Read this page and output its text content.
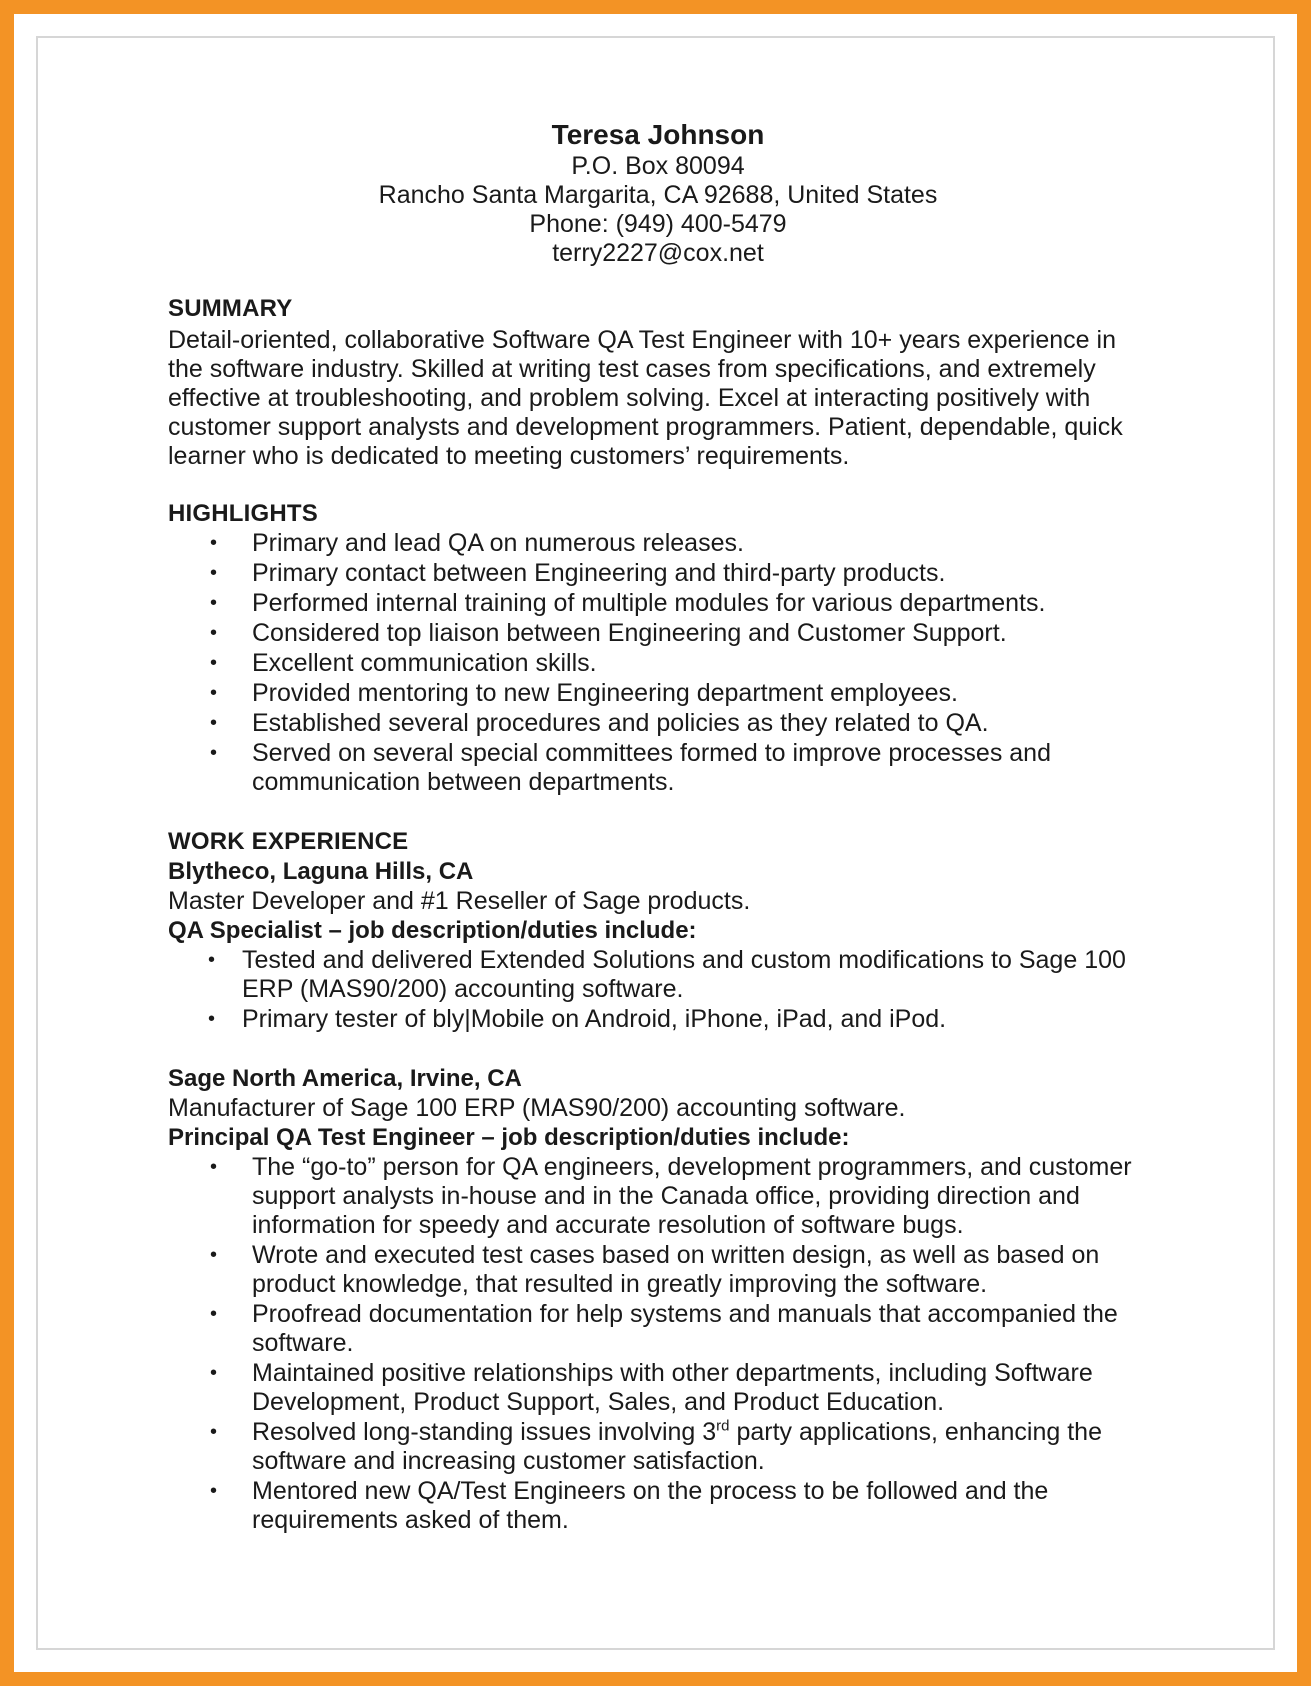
Teresa Johnson
P.O. Box 80094
Rancho Santa Margarita, CA 92688, United States
Phone: (949) 400-5479
terry2227@cox.net
SUMMARY
Detail-oriented, collaborative Software QA Test Engineer with 10+ years experience in
the software industry. Skilled at writing test cases from specifications, and extremely
effective at troubleshooting, and problem solving. Excel at interacting positively with
customer support analysts and development programmers. Patient, dependable, quick
learner who is dedicated to meeting customers’ requirements.
HIGHLIGHTS
• Primary and lead QA on numerous releases.
• Primary contact between Engineering and third-party products.
• Performed internal training of multiple modules for various departments.
• Considered top liaison between Engineering and Customer Support.
• Excellent communication skills.
• Provided mentoring to new Engineering department employees.
• Established several procedures and policies as they related to QA.
• Served on several special committees formed to improve processes and
communication between departments.
WORK EXPERIENCE
Blytheco, Laguna Hills, CA
Master Developer and #1 Reseller of Sage products.
QA Specialist – job description/duties include:
• Tested and delivered Extended Solutions and custom modifications to Sage 100
ERP (MAS90/200) accounting software.
• Primary tester of bly|Mobile on Android, iPhone, iPad, and iPod.
Sage North America, Irvine, CA
Manufacturer of Sage 100 ERP (MAS90/200) accounting software.
Principal QA Test Engineer – job description/duties include:
• The “go-to” person for QA engineers, development programmers, and customer
support analysts in-house and in the Canada office, providing direction and
information for speedy and accurate resolution of software bugs.
• Wrote and executed test cases based on written design, as well as based on
product knowledge, that resulted in greatly improving the software.
• Proofread documentation for help systems and manuals that accompanied the
software.
• Maintained positive relationships with other departments, including Software
Development, Product Support, Sales, and Product Education.
• Resolved long-standing issues involving 3rd party applications, enhancing the
software and increasing customer satisfaction.
• Mentored new QA/Test Engineers on the process to be followed and the
requirements asked of them.
